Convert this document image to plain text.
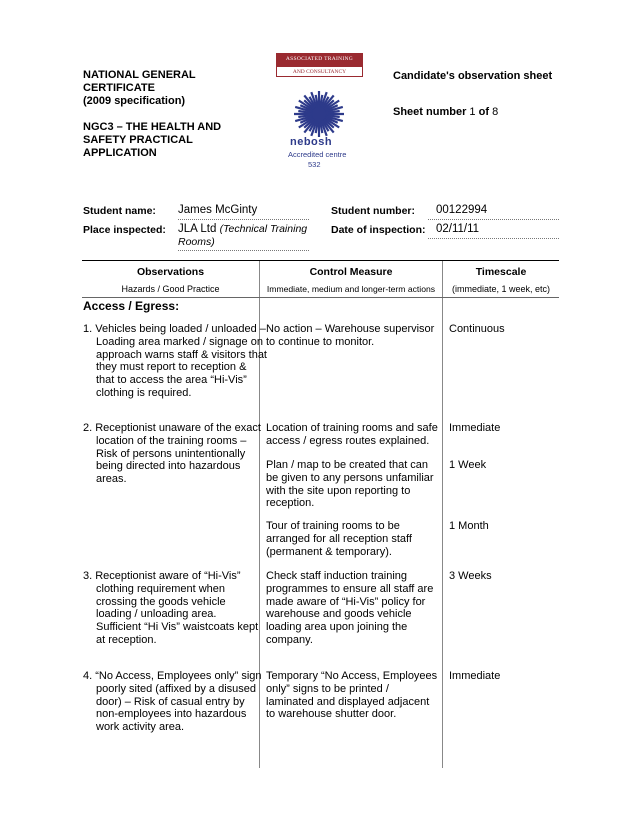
NATIONAL GENERAL
CERTIFICATE
(2009 specification)
NGC3 – THE HEALTH AND
SAFETY PRACTICAL
APPLICATION
ASSOCIATED TRAINING
AND CONSULTANCY
nebosh
Accredited centre
532
Candidate's observation sheet
Sheet number 1 of 8
Student name: James McGinty	Student number: 00122994
Place inspected: JLA Ltd (Technical Training Rooms)
Date of inspection: 02/11/11
Observations
Hazards / Good Practice
Control Measure
Immediate, medium and longer-term actions
Timescale
(immediate, 1 week, etc)
Access / Egress:
1. Vehicles being loaded / unloaded – Loading area marked / signage on approach warns staff & visitors that they must report to reception & that to access the area “Hi-Vis” clothing is required.
No action – Warehouse supervisor to continue to monitor.
Continuous
2. Receptionist unaware of the exact location of the training rooms – Risk of persons unintentionally being directed into hazardous areas.
Location of training rooms and safe access / egress routes explained.
Immediate
Plan / map to be created that can be given to any persons unfamiliar with the site upon reporting to reception.
1 Week
Tour of training rooms to be arranged for all reception staff (permanent & temporary).
1 Month
3. Receptionist aware of “Hi-Vis” clothing requirement when crossing the goods vehicle loading / unloading area. Sufficient “Hi Vis” waistcoats kept at reception.
Check staff induction training programmes to ensure all staff are made aware of “Hi-Vis” policy for warehouse and goods vehicle loading area upon joining the company.
3 Weeks
4. “No Access, Employees only” sign poorly sited (affixed by a disused door) – Risk of casual entry by non-employees into hazardous work activity area.
Temporary “No Access, Employees only” signs to be printed / laminated and displayed adjacent to warehouse shutter door.
Immediate
